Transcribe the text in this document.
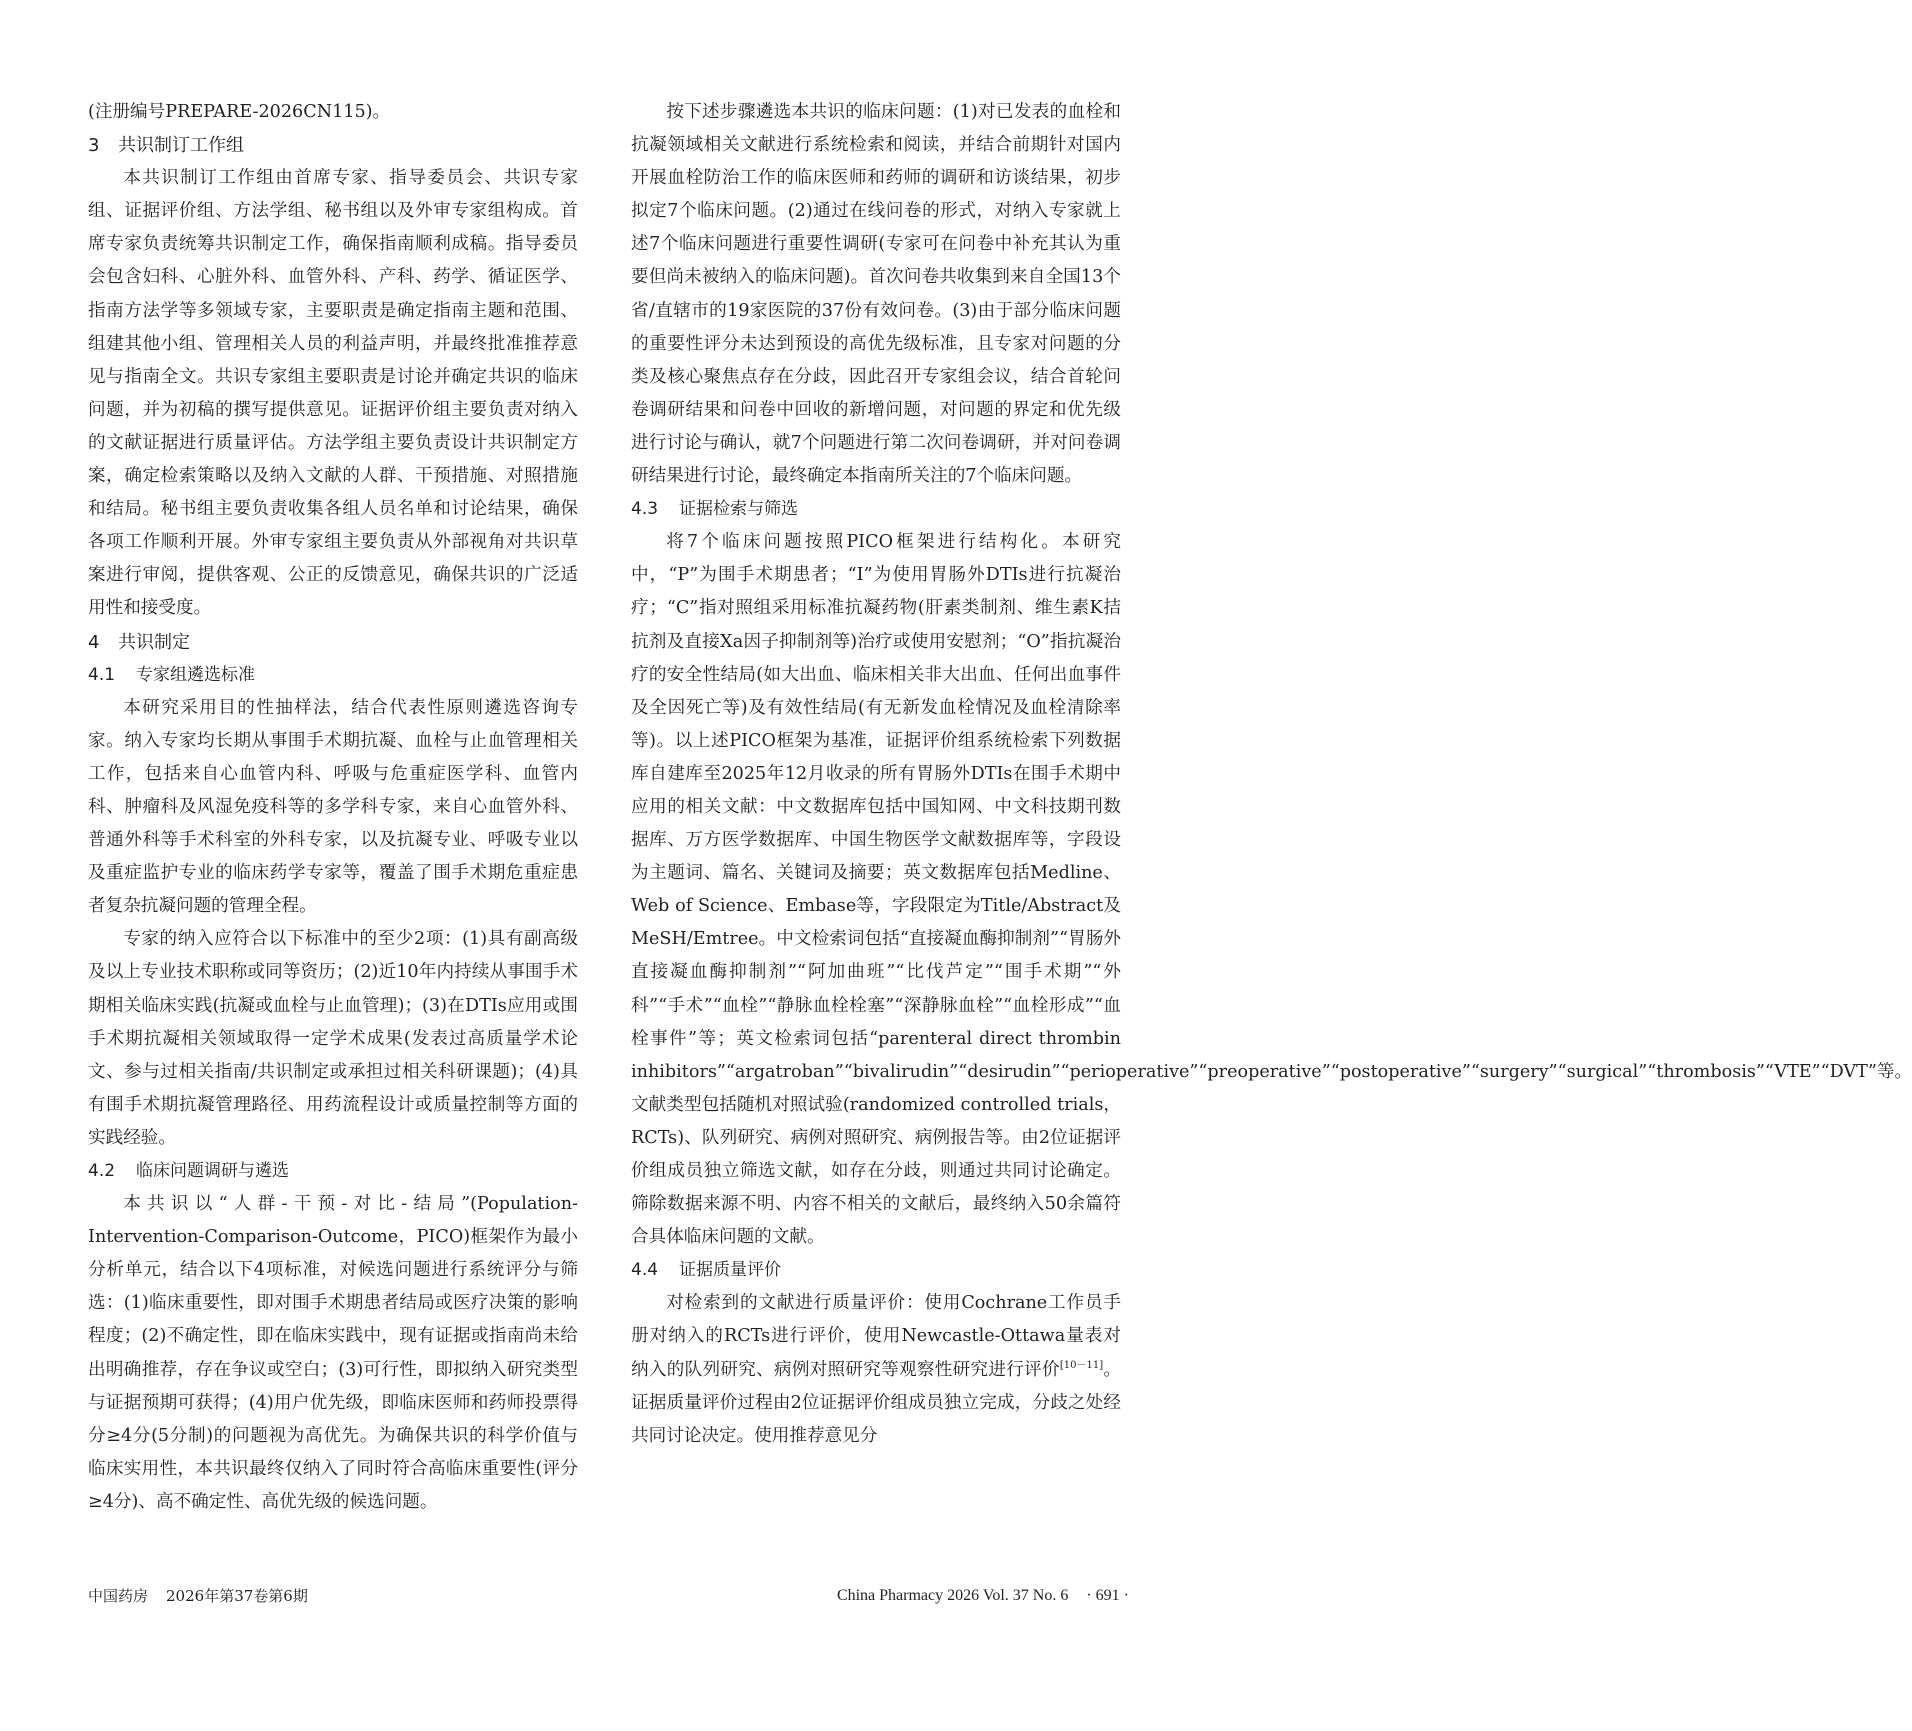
(注册编号PREPARE-2026CN115)。

3 共识制订工作组

本共识制订工作组由首席专家、指导委员会、共识专家组、证据评价组、方法学组、秘书组以及外审专家组构成。首席专家负责统筹共识制定工作，确保指南顺利成稿。指导委员会包含妇科、心脏外科、血管外科、产科、药学、循证医学、指南方法学等多领域专家，主要职责是确定指南主题和范围、组建其他小组、管理相关人员的利益声明，并最终批准推荐意见与指南全文。共识专家组主要职责是讨论并确定共识的临床问题，并为初稿的撰写提供意见。证据评价组主要负责对纳入的文献证据进行质量评估。方法学组主要负责设计共识制定方案，确定检索策略以及纳入文献的人群、干预措施、对照措施和结局。秘书组主要负责收集各组人员名单和讨论结果，确保各项工作顺利开展。外审专家组主要负责从外部视角对共识草案进行审阅，提供客观、公正的反馈意见，确保共识的广泛适用性和接受度。

4 共识制定
4.1 专家组遴选标准

本研究采用目的性抽样法，结合代表性原则遴选咨询专家。纳入专家均长期从事围手术期抗凝、血栓与止血管理相关工作，包括来自心血管内科、呼吸与危重症医学科、血管内科、肿瘤科及风湿免疫科等的多学科专家，来自心血管外科、普通外科等手术科室的外科专家，以及抗凝专业、呼吸专业以及重症监护专业的临床药学专家等，覆盖了围手术期危重症患者复杂抗凝问题的管理全程。

专家的纳入应符合以下标准中的至少2项：(1)具有副高级及以上专业技术职称或同等资历；(2)近10年内持续从事围手术期相关临床实践(抗凝或血栓与止血管理)；(3)在DTIs应用或围手术期抗凝相关领域取得一定学术成果(发表过高质量学术论文、参与过相关指南/共识制定或承担过相关科研课题)；(4)具有围手术期抗凝管理路径、用药流程设计或质量控制等方面的实践经验。

4.2 临床问题调研与遴选

本共识以“人群-干预-对比-结局”(Population-Intervention-Comparison-Outcome，PICO)框架作为最小分析单元，结合以下4项标准，对候选问题进行系统评分与筛选：(1)临床重要性，即对围手术期患者结局或医疗决策的影响程度；(2)不确定性，即在临床实践中，现有证据或指南尚未给出明确推荐，存在争议或空白；(3)可行性，即拟纳入研究类型与证据预期可获得；(4)用户优先级，即临床医师和药师投票得分≥4分(5分制)的问题视为高优先。为确保共识的科学价值与临床实用性，本共识最终仅纳入了同时符合高临床重要性(评分≥4分)、高不确定性、高优先级的候选问题。

按下述步骤遴选本共识的临床问题：(1)对已发表的血栓和抗凝领域相关文献进行系统检索和阅读，并结合前期针对国内开展血栓防治工作的临床医师和药师的调研和访谈结果，初步拟定7个临床问题。(2)通过在线问卷的形式，对纳入专家就上述7个临床问题进行重要性调研(专家可在问卷中补充其认为重要但尚未被纳入的临床问题)。首次问卷共收集到来自全国13个省/直辖市的19家医院的37份有效问卷。(3)由于部分临床问题的重要性评分未达到预设的高优先级标准，且专家对问题的分类及核心聚焦点存在分歧，因此召开专家组会议，结合首轮问卷调研结果和问卷中回收的新增问题，对问题的界定和优先级进行讨论与确认，就7个问题进行第二次问卷调研，并对问卷调研结果进行讨论，最终确定本指南所关注的7个临床问题。

4.3 证据检索与筛选

将7个临床问题按照PICO框架进行结构化。本研究中，“P”为围手术期患者；“I”为使用胃肠外DTIs进行抗凝治疗；“C”指对照组采用标准抗凝药物(肝素类制剂、维生素K拮抗剂及直接Ⅹa因子抑制剂等)治疗或使用安慰剂；“O”指抗凝治疗的安全性结局(如大出血、临床相关非大出血、任何出血事件及全因死亡等)及有效性结局(有无新发血栓情况及血栓清除率等)。以上述PICO框架为基准，证据评价组系统检索下列数据库自建库至2025年12月收录的所有胃肠外DTIs在围手术期中应用的相关文献：中文数据库包括中国知网、中文科技期刊数据库、万方医学数据库、中国生物医学文献数据库等，字段设为主题词、篇名、关键词及摘要；英文数据库包括Medline、Web of Science、Embase等，字段限定为Title/Abstract及MeSH/Emtree。中文检索词包括“直接凝血酶抑制剂”“胃肠外直接凝血酶抑制剂”“阿加曲班”“比伐芦定”“围手术期”“外科”“手术”“血栓”“静脉血栓栓塞”“深静脉血栓”“血栓形成”“血栓事件”等；英文检索词包括“parenteral direct thrombin inhibitors”“argatroban”“bivalirudin”“desirudin”“perioperative”“preoperative”“postoperative”“surgery”“surgical”“thrombosis”“VTE”“DVT”等。文献类型包括随机对照试验(randomized controlled trials，RCTs)、队列研究、病例对照研究、病例报告等。由2位证据评价组成员独立筛选文献，如存在分歧，则通过共同讨论确定。筛除数据来源不明、内容不相关的文献后，最终纳入50余篇符合具体临床问题的文献。

4.4 证据质量评价

对检索到的文献进行质量评价：使用Cochrane工作员手册对纳入的RCTs进行评价，使用Newcastle-Ottawa量表对纳入的队列研究、病例对照研究等观察性研究进行评价[10－11]。证据质量评价过程由2位证据评价组成员独立完成，分歧之处经共同讨论决定。使用推荐意见分

中国药房 2026年第37卷第6期	China Pharmacy 2026 Vol. 37 No. 6 · 691 ·
